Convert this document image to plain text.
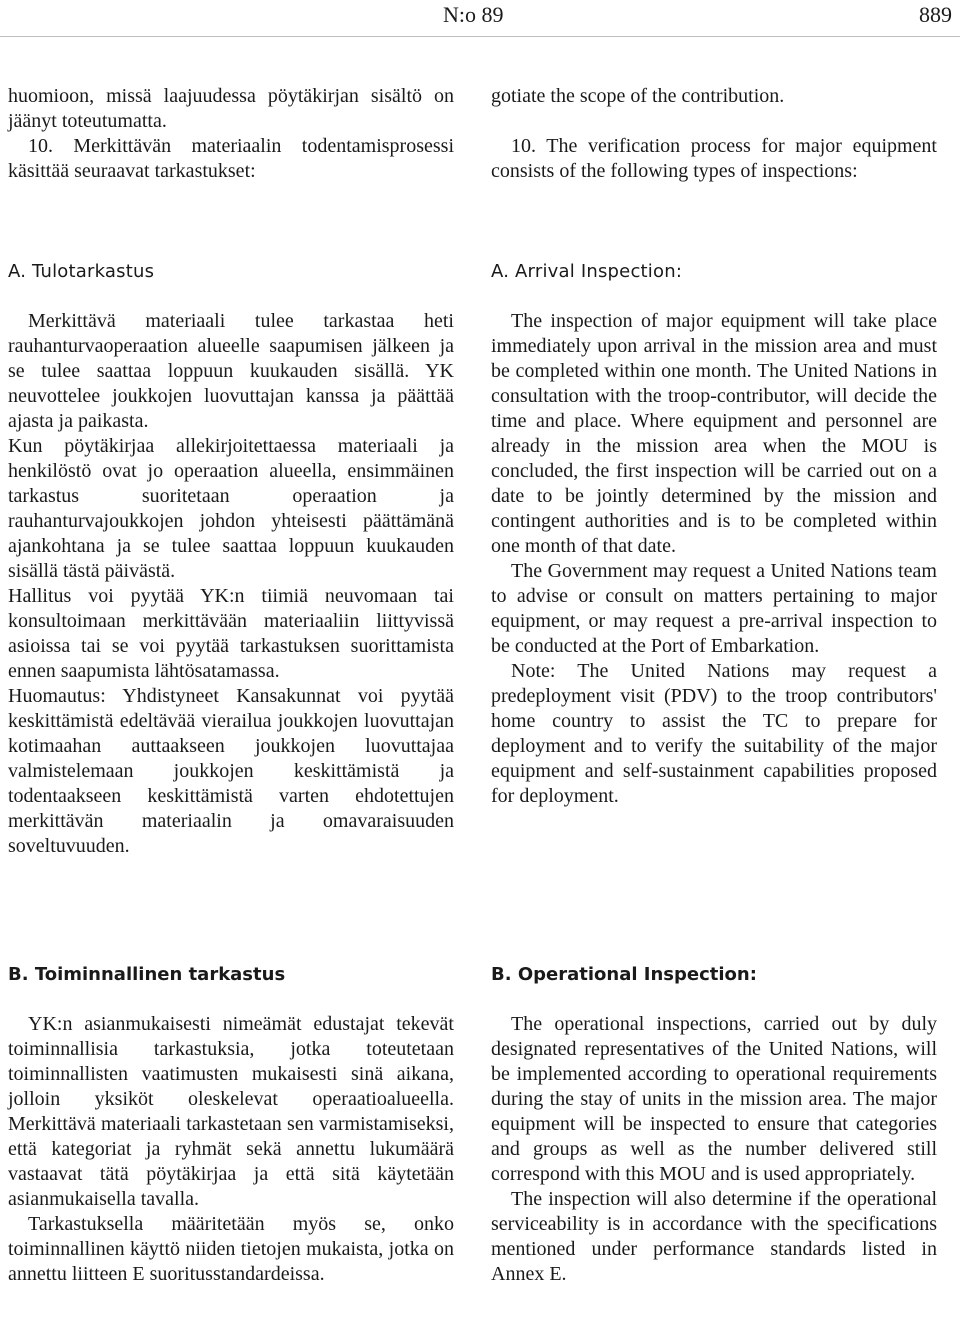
N:o 89	889

huomioon, missä laajuudessa pöytäkirjan sisältö on jäänyt toteutumatta.

10. Merkittävän materiaalin todentamisprosessi käsittää seuraavat tarkastukset:

A. Tulotarkastus

Merkittävä materiaali tulee tarkastaa heti rauhanturvaoperaation alueelle saapumisen jälkeen ja se tulee saattaa loppuun kuukauden sisällä. YK neuvottelee joukkojen luovuttajan kanssa ja päättää ajasta ja paikasta.

Kun pöytäkirjaa allekirjoitettaessa materiaali ja henkilöstö ovat jo operaation alueella, ensimmäinen tarkastus suoritetaan operaation ja rauhanturvajoukkojen johdon yhteisesti päättämänä ajankohtana ja se tulee saattaa loppuun kuukauden sisällä tästä päivästä.

Hallitus voi pyytää YK:n tiimiä neuvomaan tai konsultoimaan merkittävään materiaaliin liittyvissä asioissa tai se voi pyytää tarkastuksen suorittamista ennen saapumista lähtösatamassa.

Huomautus: Yhdistyneet Kansakunnat voi pyytää keskittämistä edeltävää vierailua joukkojen luovuttajan kotimaahan auttaakseen joukkojen luovuttajaa valmistelemaan joukkojen keskittämistä ja todentaakseen keskittämistä varten ehdotettujen merkittävän materiaalin ja omavaraisuuden soveltuvuuden.

B. Toiminnallinen tarkastus

YK:n asianmukaisesti nimeämät edustajat tekevät toiminnallisia tarkastuksia, jotka toteutetaan toiminnallisten vaatimusten mukaisesti sinä aikana, jolloin yksiköt oleskelevat operaatioalueella. Merkittävä materiaali tarkastetaan sen varmistamiseksi, että kategoriat ja ryhmät sekä annettu lukumäärä vastaavat tätä pöytäkirjaa ja että sitä käytetään asianmukaisella tavalla.

Tarkastuksella määritetään myös se, onko toiminnallinen käyttö niiden tietojen mukaista, jotka on annettu liitteen E suoritusstandardeissa.

gotiate the scope of the contribution.

10. The verification process for major equipment consists of the following types of inspections:

A. Arrival Inspection:

The inspection of major equipment will take place immediately upon arrival in the mission area and must be completed within one month. The United Nations in consultation with the troop-contributor, will decide the time and place. Where equipment and personnel are already in the mission area when the MOU is concluded, the first inspection will be carried out on a date to be jointly determined by the mission and contingent authorities and is to be completed within one month of that date.

The Government may request a United Nations team to advise or consult on matters pertaining to major equipment, or may request a pre-arrival inspection to be conducted at the Port of Embarkation.

Note: The United Nations may request a predeployment visit (PDV) to the troop contributors' home country to assist the TC to prepare for deployment and to verify the suitability of the major equipment and self-sustainment capabilities proposed for deployment.

B. Operational Inspection:

The operational inspections, carried out by duly designated representatives of the United Nations, will be implemented according to operational requirements during the stay of units in the mission area. The major equipment will be inspected to ensure that categories and groups as well as the number delivered still correspond with this MOU and is used appropriately.

The inspection will also determine if the operational serviceability is in accordance with the specifications mentioned under performance standards listed in Annex E.
